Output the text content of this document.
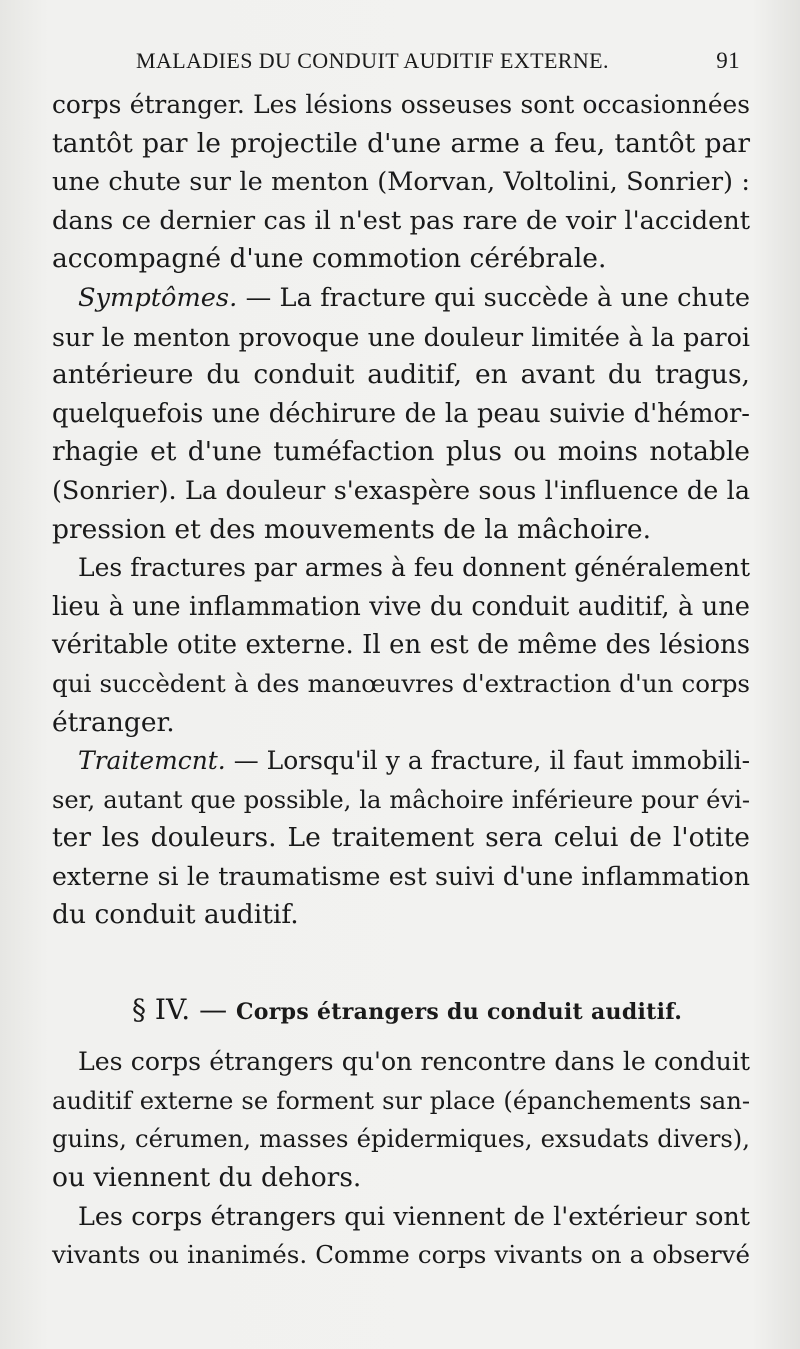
MALADIES DU CONDUIT AUDITIF EXTERNE.	91
corps étranger. Les lésions osseuses sont occasionnées
tantôt par le projectile d'une arme a feu, tantôt par
une chute sur le menton (Morvan, Voltolini, Sonrier) :
dans ce dernier cas il n'est pas rare de voir l'accident
accompagné d'une commotion cérébrale.
Symptômes. — La fracture qui succède à une chute
sur le menton provoque une douleur limitée à la paroi
antérieure du conduit auditif, en avant du tragus,
quelquefois une déchirure de la peau suivie d'hémor-
rhagie et d'une tuméfaction plus ou moins notable
(Sonrier). La douleur s'exaspère sous l'influence de la
pression et des mouvements de la mâchoire.
Les fractures par armes à feu donnent généralement
lieu à une inflammation vive du conduit auditif, à une
véritable otite externe. Il en est de même des lésions
qui succèdent à des manœuvres d'extraction d'un corps
étranger.
Traitemcnt. — Lorsqu'il y a fracture, il faut immobili-
ser, autant que possible, la mâchoire inférieure pour évi-
ter les douleurs. Le traitement sera celui de l'otite
externe si le traumatisme est suivi d'une inflammation
du conduit auditif.
§ IV. — Corps étrangers du conduit auditif.
Les corps étrangers qu'on rencontre dans le conduit
auditif externe se forment sur place (épanchements san-
guins, cérumen, masses épidermiques, exsudats divers),
ou viennent du dehors.
Les corps étrangers qui viennent de l'extérieur sont
vivants ou inanimés. Comme corps vivants on a observé
